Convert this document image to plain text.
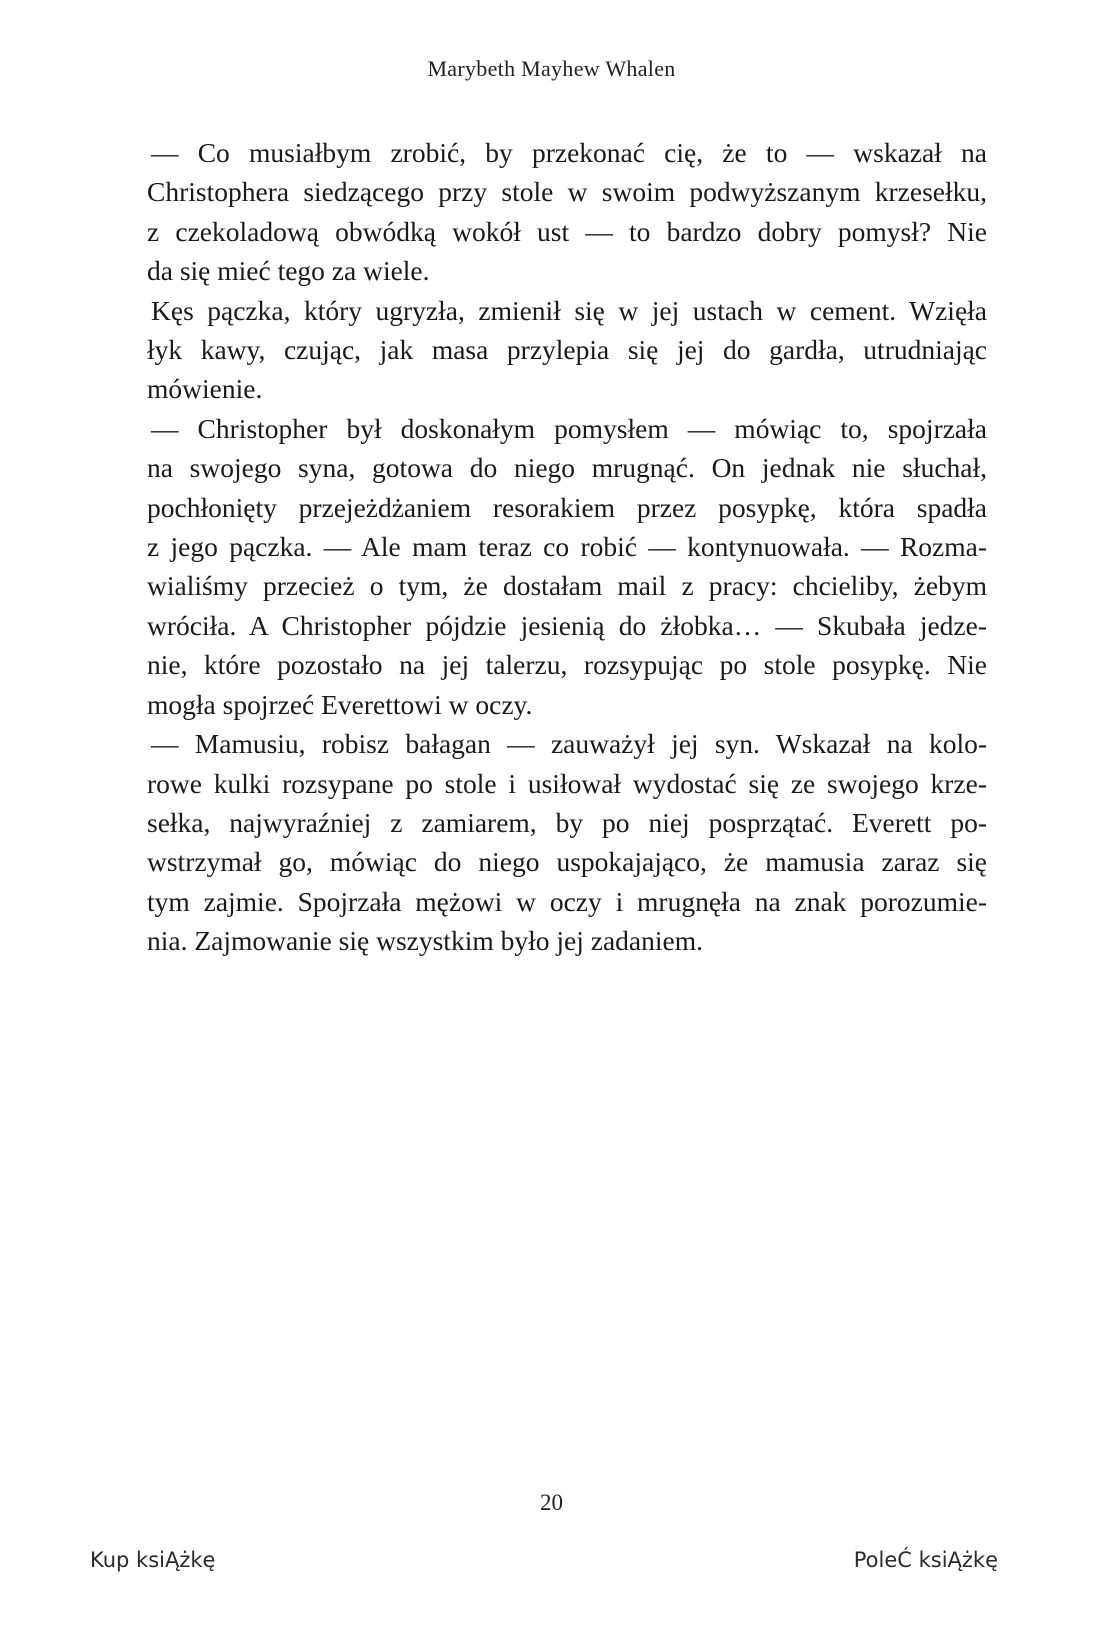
Marybeth Mayhew Whalen
— Co musiałbym zrobić, by przekonać cię, że to — wskazał na
Christophera siedzącego przy stole w swoim podwyższanym krzesełku,
z czekoladową obwódką wokół ust — to bardzo dobry pomysł? Nie
da się mieć tego za wiele.
Kęs pączka, który ugryzła, zmienił się w jej ustach w cement. Wzięła
łyk kawy, czując, jak masa przylepia się jej do gardła, utrudniając
mówienie.
— Christopher był doskonałym pomysłem — mówiąc to, spojrzała
na swojego syna, gotowa do niego mrugnąć. On jednak nie słuchał,
pochłonięty przejeżdżaniem resorakiem przez posypkę, która spadła
z jego pączka. — Ale mam teraz co robić — kontynuowała. — Rozma-
wialiśmy przecież o tym, że dostałam mail z pracy: chcieliby, żebym
wróciła. A Christopher pójdzie jesienią do żłobka… — Skubała jedze-
nie, które pozostało na jej talerzu, rozsypując po stole posypkę. Nie
mogła spojrzeć Everettowi w oczy.
— Mamusiu, robisz bałagan — zauważył jej syn. Wskazał na kolo-
rowe kulki rozsypane po stole i usiłował wydostać się ze swojego krze-
sełka, najwyraźniej z zamiarem, by po niej posprzątać. Everett po-
wstrzymał go, mówiąc do niego uspokajająco, że mamusia zaraz się
tym zajmie. Spojrzała mężowi w oczy i mrugnęła na znak porozumie-
nia. Zajmowanie się wszystkim było jej zadaniem.
20
Kup ksiĄżkę	PoleĆ ksiĄżkę
